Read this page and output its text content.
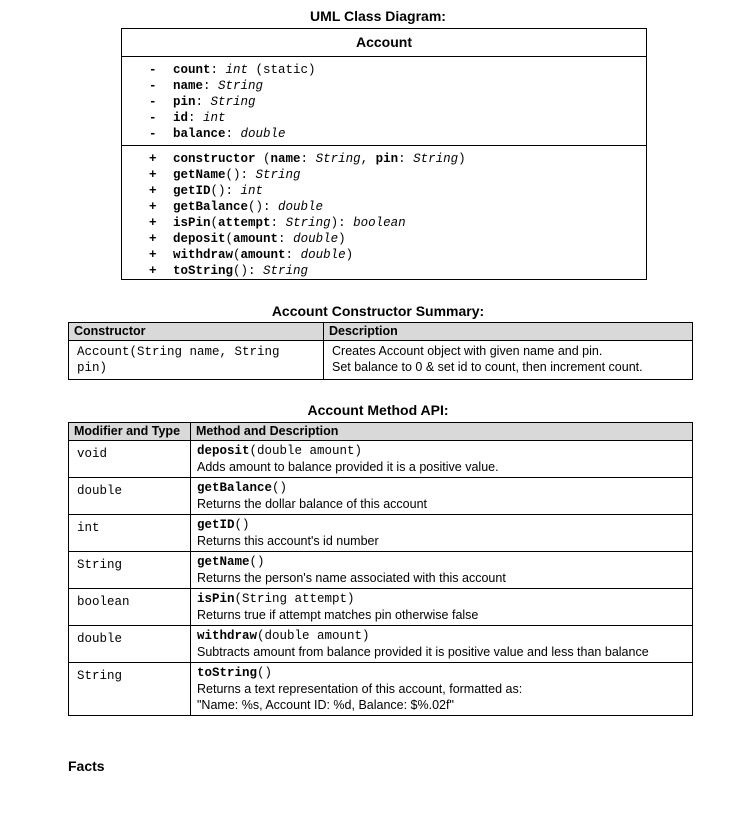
UML Class Diagram:
Account
- count: int (static)
- name: String
- pin: String
- id: int
- balance: double
+ constructor (name: String, pin: String)
+ getName(): String
+ getID(): int
+ getBalance(): double
+ isPin(attempt: String): boolean
+ deposit(amount: double)
+ withdraw(amount: double)
+ toString(): String
Account Constructor Summary:
Constructor	Description
Account(String name, String pin)	Creates Account object with given name and pin.
Set balance to 0 & set id to count, then increment count.
Account Method API:
Modifier and Type	Method and Description
void	deposit(double amount)
Adds amount to balance provided it is a positive value.

double	getBalance()
Returns the dollar balance of this account

int	getID()
Returns this account's id number

String	getName()
Returns the person's name associated with this account

boolean	isPin(String attempt)
Returns true if attempt matches pin otherwise false

double	withdraw(double amount)
Subtracts amount from balance provided it is positive value and less than balance

String	toString()
Returns a text representation of this account, formatted as:
"Name: %s, Account ID: %d, Balance: $%.02f"
Facts
